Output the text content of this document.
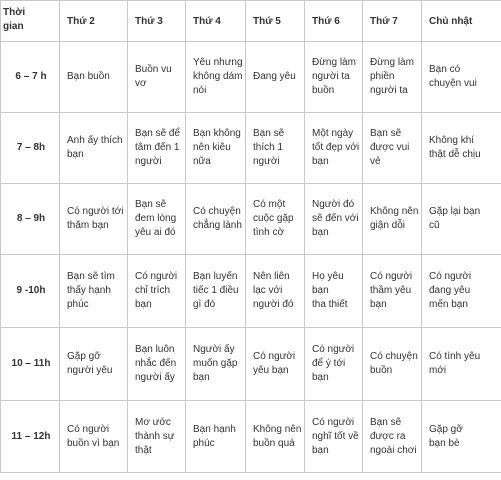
Thời
gian	Thứ 2	Thứ 3	Thứ 4	Thứ 5	Thứ 6	Thứ 7	Chủ nhật

6 – 7 h	Bạn buồn	Buồn vu vơ	Yêu nhưng
không dám
nói	Đang yêu	Đừng làm
người ta
buồn	Đừng làm
phiền
người ta	Bạn có
chuyện vui

7 – 8h	Anh ấy thích
bạn	Bạn sẽ để
tâm đến 1
người	Bạn không
nên kiêu
nữa	Bạn sẽ
thích 1
người	Một ngày
tốt đẹp với
bạn	Bạn sẽ
được vui
vẻ	Không khí
thật dễ chịu

8 – 9h	Có người tới
thăm bạn	Bạn sẽ
đem lòng
yêu ai đó	Có chuyện
chẳng lành	Có một
cuộc gặp
tình cờ	Người đó
sẽ đến với
bạn	Không nên
giận dỗi	Gặp lại bạn
cũ

9 -10h	Bạn sẽ tìm
thấy hạnh
phúc	Có người
chỉ trích
bạn	Bạn luyến
tiếc 1 điều
gì đó	Nên liên
lạc với
người đó	Họ yêu bạn
tha thiết	Có người
thầm yêu
bạn	Có người
đang yêu
mến bạn

10 – 11h	Gặp gỡ
người yêu	Bạn luôn
nhắc đến
người ấy	Người ấy
muốn gặp
bạn	Có người
yêu bạn	Có người
để ý tới
bạn	Có chuyện
buồn	Có tình yêu
mới

11 – 12h	Có người
buồn vì bạn	Mơ ước
thành sự
thật	Bạn hạnh
phúc	Không nên
buồn quá	Có người
nghĩ tốt về
bạn	Bạn sẽ
được ra
ngoài chơi	Gặp gỡ
bạn bè
